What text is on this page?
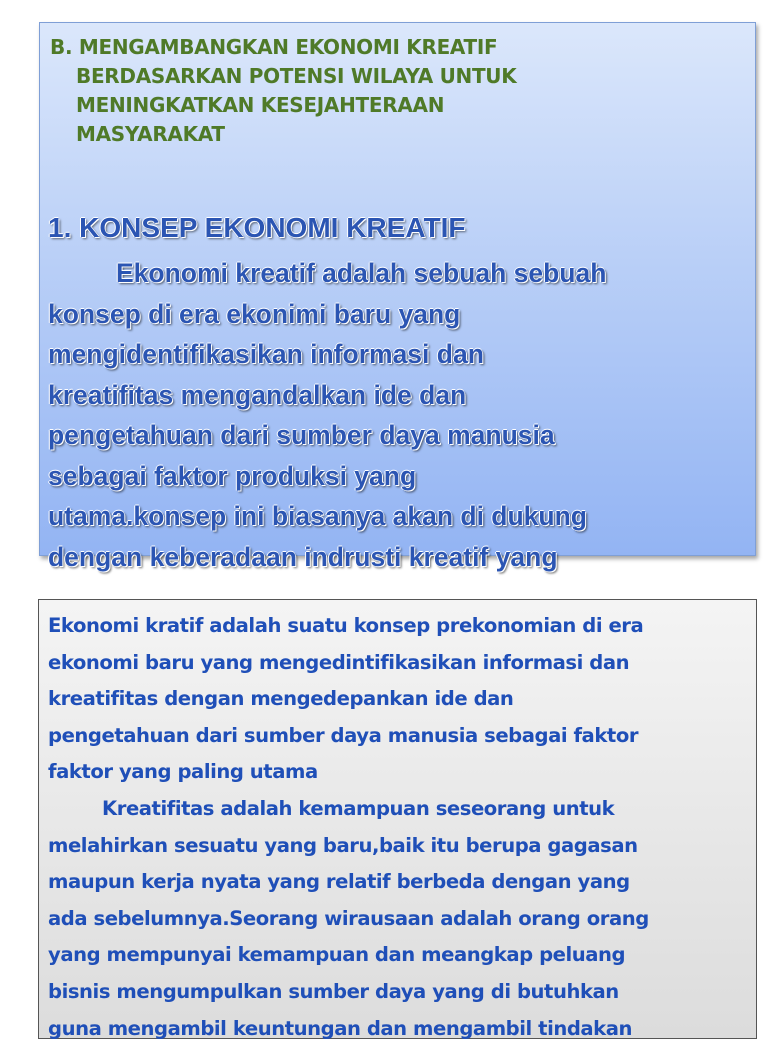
B. MENGAMBANGKAN EKONOMI KREATIF
BERDASARKAN POTENSI WILAYA UNTUK
MENINGKATKAN KESEJAHTERAAN
MASYARAKAT
1. KONSEP EKONOMI KREATIF
Ekonomi kreatif adalah sebuah sebuah
konsep di era ekonimi baru yang
mengidentifikasikan informasi dan
kreatifitas mengandalkan ide dan
pengetahuan dari sumber daya manusia
sebagai faktor produksi yang
utama.konsep ini biasanya akan di dukung
dengan keberadaan indrusti kreatif yang
Ekonomi kratif adalah suatu konsep prekonomian di era
ekonomi baru yang mengedintifikasikan informasi dan
kreatifitas dengan mengedepankan ide dan
pengetahuan dari sumber daya manusia sebagai faktor
faktor yang paling utama
Kreatifitas adalah kemampuan seseorang untuk
melahirkan sesuatu yang baru,baik itu berupa gagasan
maupun kerja nyata yang relatif berbeda dengan yang
ada sebelumnya.Seorang wirausaan adalah orang orang
yang mempunyai kemampuan dan meangkap peluang
bisnis mengumpulkan sumber daya yang di butuhkan
guna mengambil keuntungan dan mengambil tindakan
